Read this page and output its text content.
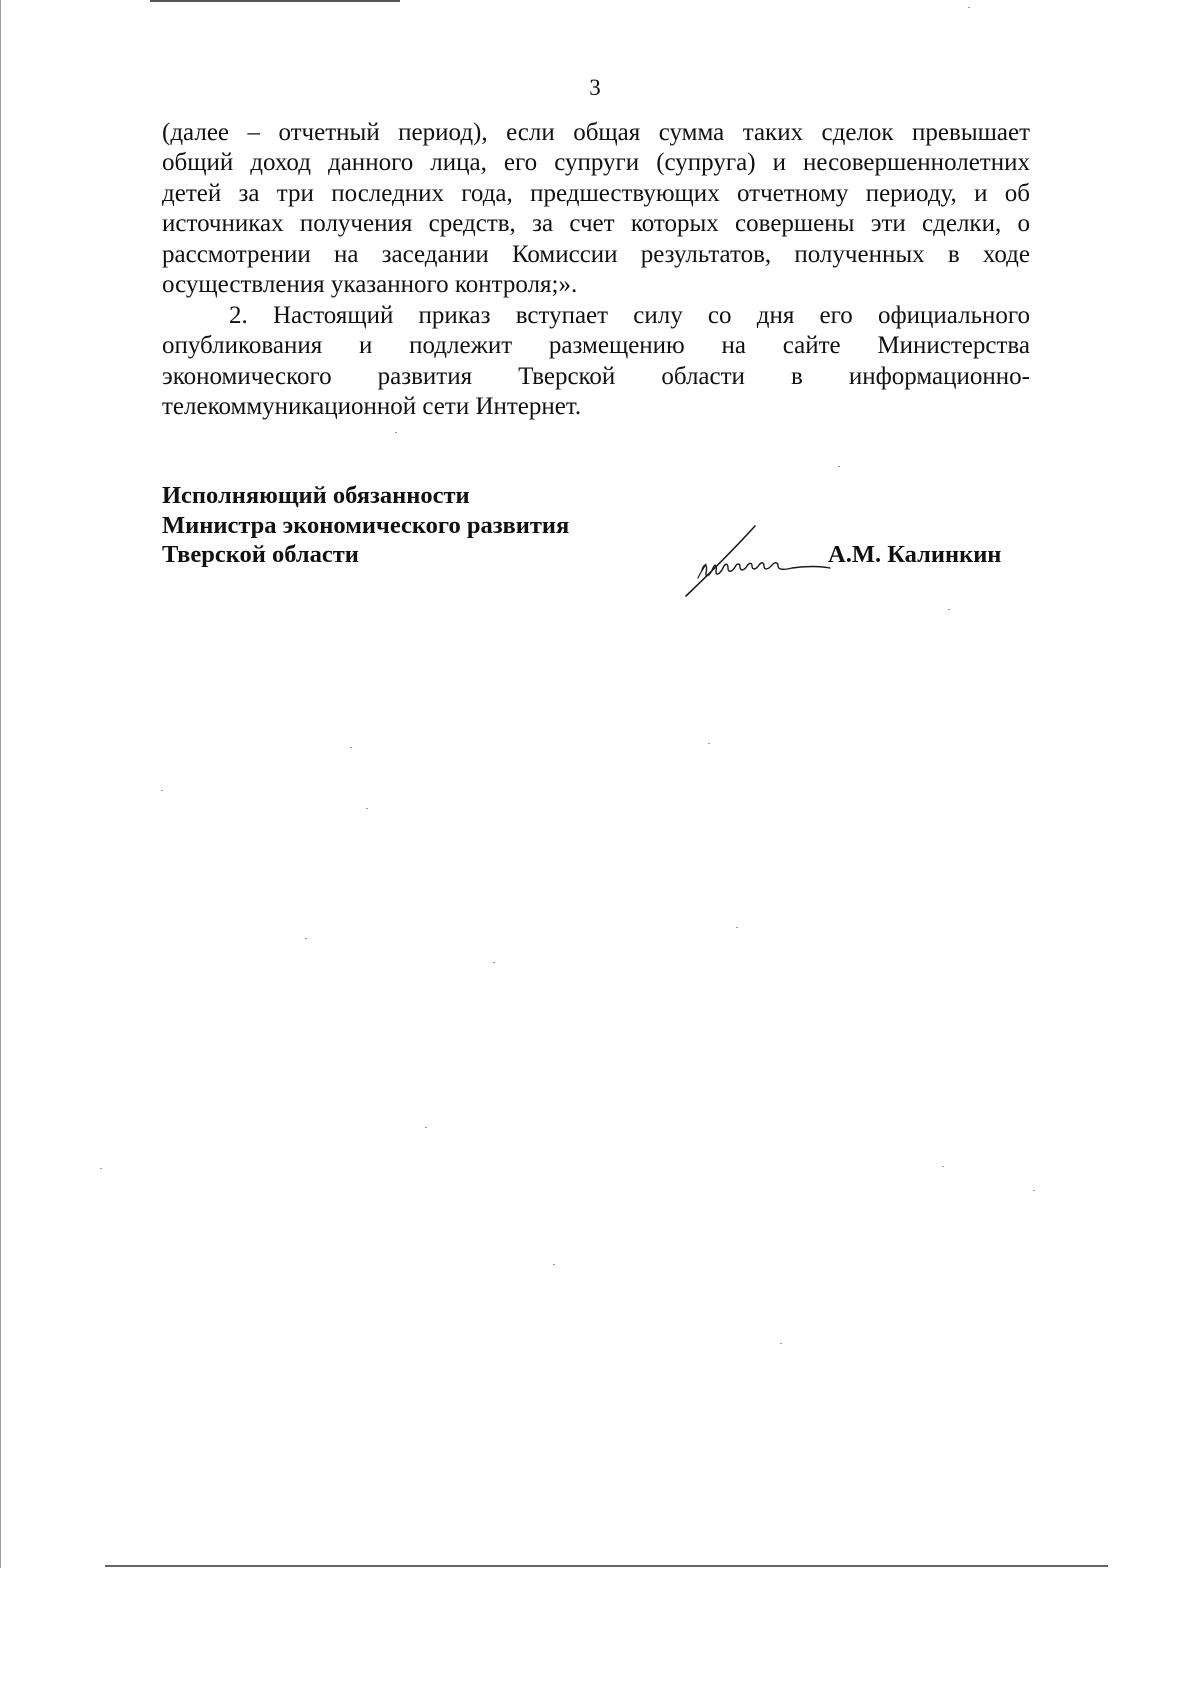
3
(далее – отчетный период), если общая сумма таких сделок превышает
общий доход данного лица, его супруги (супруга) и несовершеннолетних
детей за три последних года, предшествующих отчетному периоду, и об
источниках получения средств, за счет которых совершены эти сделки, о
рассмотрении на заседании Комиссии результатов, полученных в ходе
осуществления указанного контроля;».
2. Настоящий приказ вступает силу со дня его официального
опубликования и подлежит размещению на сайте Министерства
экономического развития Тверской области в информационно-
телекоммуникационной сети Интернет.
Исполняющий обязанности
Министра экономического развития
Тверской области	А.М. Калинкин
